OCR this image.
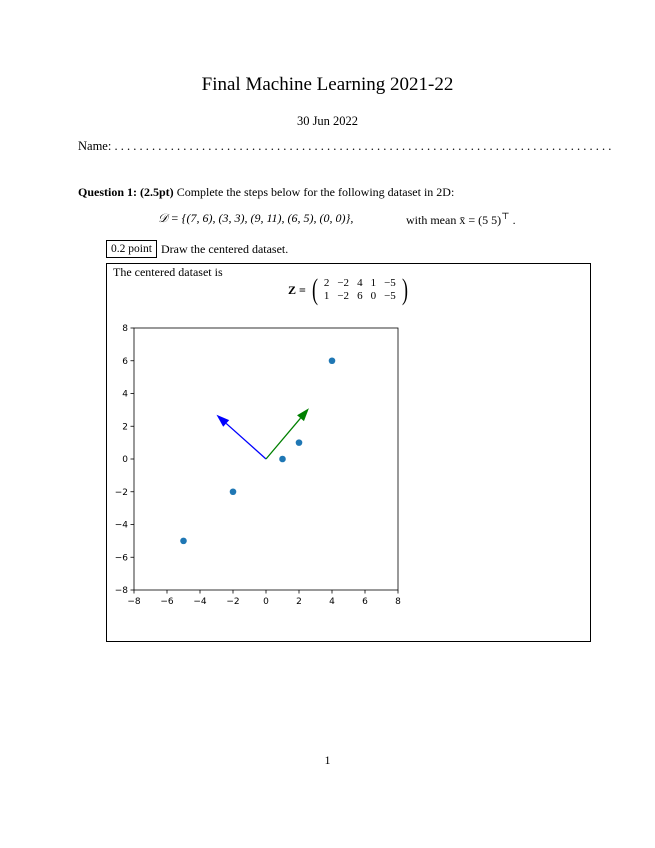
Final Machine Learning 2021-22
30 Jun 2022
Name: . . . . . . . . . . . . . . . . . . . . . . . . . . . . . . . . . . . . . . . . . . . . . . . . . . . . . . . . . . . . . . . . . . . . . . . . . . . . . . . .
Question 1: (2.5pt) Complete the steps below for the following dataset in 2D:
𝒟 = {(7, 6), (3, 3), (9, 11), (6, 5), (0, 0)},	with mean x̄ = (5 5)⊤ .
0.2 point Draw the centered dataset.
The centered dataset is
Z = ( 2	−2	4	1	−5
1	−2	6	0	−5 )
−8 −6 −4 −2	0	2	4	6	8
8
6
4
2
0
−2
−4
−6
−8
1
